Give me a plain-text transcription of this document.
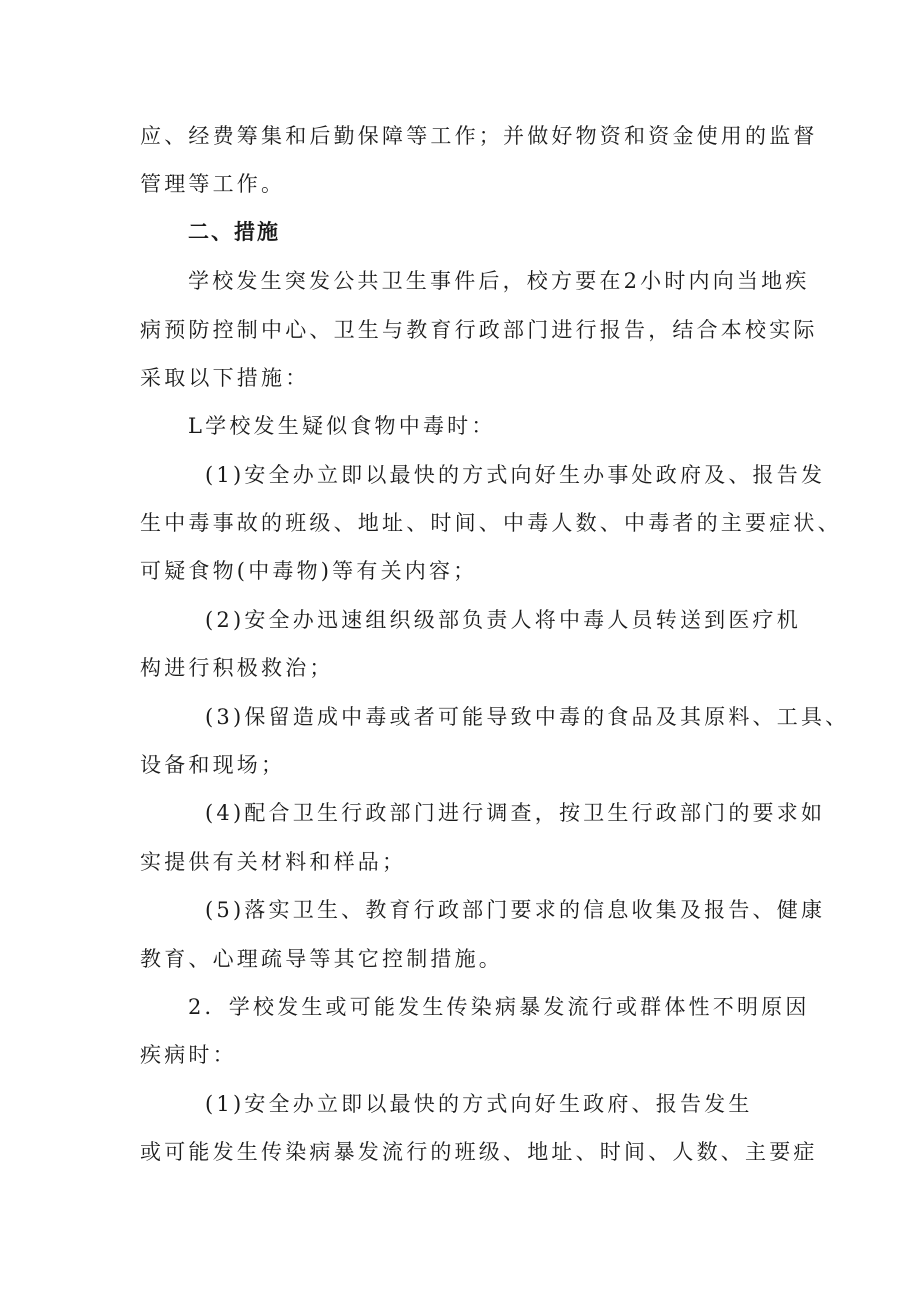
应、经费筹集和后勤保障等工作；并做好物资和资金使用的监督
管理等工作。
二、措施
学校发生突发公共卫生事件后，校方要在2小时内向当地疾
病预防控制中心、卫生与教育行政部门进行报告，结合本校实际
采取以下措施：
L学校发生疑似食物中毒时：
(1)安全办立即以最快的方式向好生办事处政府及、报告发
生中毒事故的班级、地址、时间、中毒人数、中毒者的主要症状、
可疑食物(中毒物)等有关内容；
(2)安全办迅速组织级部负责人将中毒人员转送到医疗机
构进行积极救治；
(3)保留造成中毒或者可能导致中毒的食品及其原料、工具、
设备和现场；
(4)配合卫生行政部门进行调查，按卫生行政部门的要求如
实提供有关材料和样品；
(5)落实卫生、教育行政部门要求的信息收集及报告、健康
教育、心理疏导等其它控制措施。
2．学校发生或可能发生传染病暴发流行或群体性不明原因
疾病时：
(1)安全办立即以最快的方式向好生政府、报告发生
或可能发生传染病暴发流行的班级、地址、时间、人数、主要症
